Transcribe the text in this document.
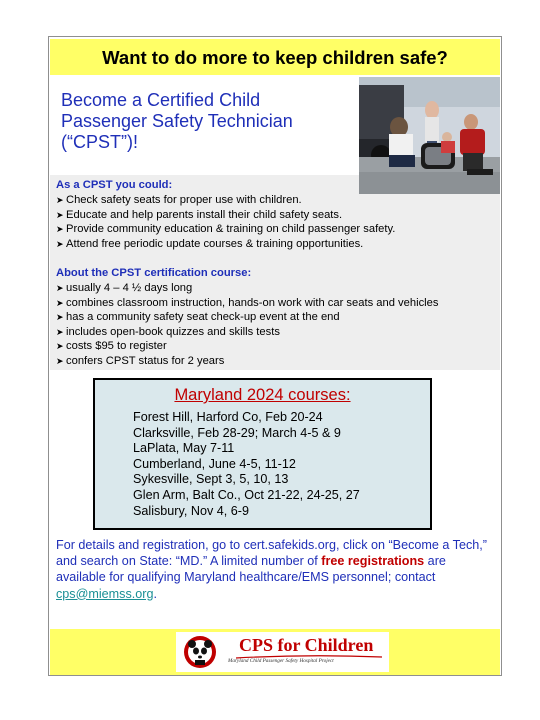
Want to do more to keep children safe?
Become a Certified Child
Passenger Safety Technician
(“CPST”)!
As a CPST you could:
➤ Check safety seats for proper use with children.
➤ Educate and help parents install their child safety seats.
➤ Provide community education & training on child passenger safety.
➤ Attend free periodic update courses & training opportunities.
About the CPST certification course:
➤ usually 4 – 4 ½ days long
➤ combines classroom instruction, hands-on work with car seats and vehicles
➤ has a community safety seat check-up event at the end
➤ includes open-book quizzes and skills tests
➤ costs $95 to register
➤ confers CPST status for 2 years
Maryland 2024 courses:
Forest Hill, Harford Co, Feb 20-24
Clarksville, Feb 28-29; March 4-5 & 9
LaPlata, May 7-11
Cumberland, June 4-5, 11-12
Sykesville, Sept 3, 5, 10, 13
Glen Arm, Balt Co., Oct 21-22, 24-25, 27
Salisbury, Nov 4, 6-9
For details and registration, go to cert.safekids.org, click on “Become a Tech,” and search on State: “MD.” A limited number of free registrations are available for qualifying Maryland healthcare/EMS personnel; contact cps@miemss.org.
CPS for Children
Maryland Child Passenger Safety Hospital Project
